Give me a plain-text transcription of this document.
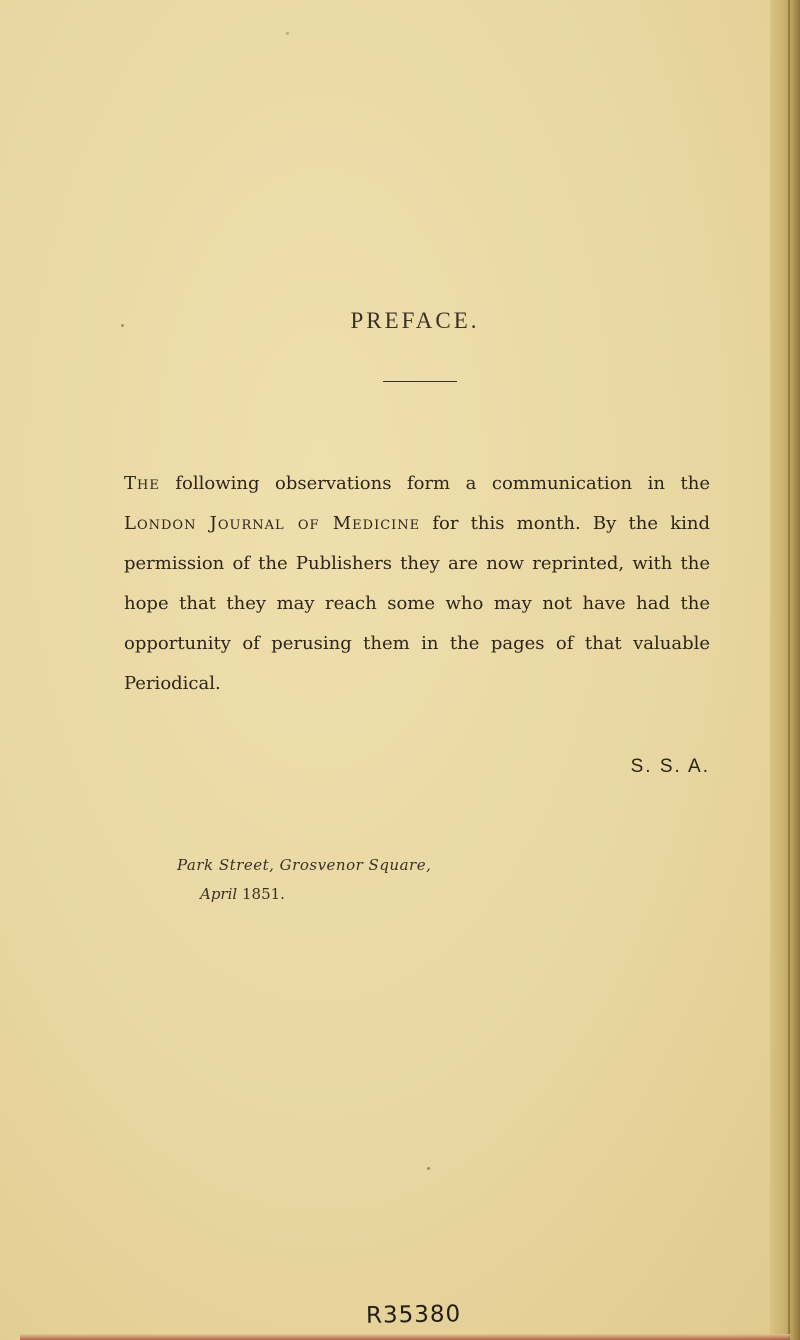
PREFACE.
The following observations form a communication in the
London Journal of Medicine for this month. By the kind
permission of the Publishers they are now reprinted, with the
hope that they may reach some who may not have had the
opportunity of perusing them in the pages of that valuable
Periodical.
S. S. A.
Park Street, Grosvenor Square,
April 1851.
R35380
